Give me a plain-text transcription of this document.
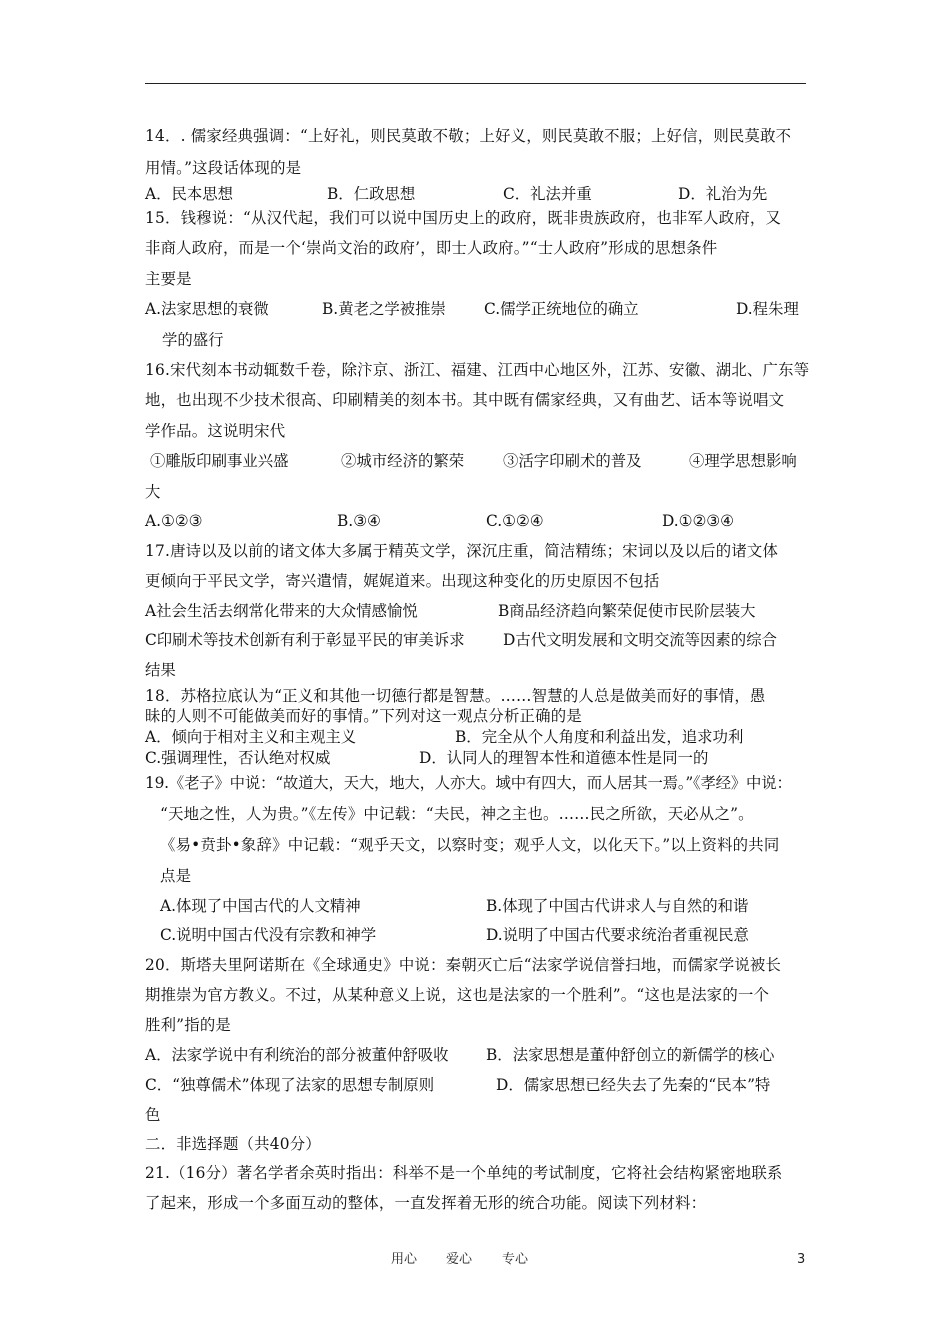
14．. 儒家经典强调：“上好礼，则民莫敢不敬；上好义，则民莫敢不服；上好信，则民莫敢不
用情。”这段话体现的是
A．民本思想	B．仁政思想	C．礼法并重	D．礼治为先
15．钱穆说：“从汉代起，我们可以说中国历史上的政府，既非贵族政府，也非军人政府，又
非商人政府，而是一个‘崇尚文治的政府’，即士人政府。”“士人政府”形成的思想条件
主要是
A.法家思想的衰微	B.黄老之学被推崇 C.儒学正统地位的确立	D.程朱理
学的盛行
16.宋代刻本书动辄数千卷，除汴京、浙江、福建、江西中心地区外，江苏、安徽、湖北、广东等
地，也出现不少技术很高、印刷精美的刻本书。其中既有儒家经典，又有曲艺、话本等说唱文
学作品。这说明宋代
①雕版印刷事业兴盛	②城市经济的繁荣	③活字印刷术的普及	④理学思想影响
大
A.①②③	B.③④	C.①②④	D.①②③④
17.唐诗以及以前的诸文体大多属于精英文学，深沉庄重，简洁精练；宋词以及以后的诸文体
更倾向于平民文学，寄兴遣情，娓娓道来。出现这种变化的历史原因不包括
A社会生活去纲常化带来的大众情感愉悦	B商品经济趋向繁荣促使市民阶层装大
C印刷术等技术创新有利于彰显平民的审美诉求 D古代文明发展和文明交流等因素的综合
结果
18．苏格拉底认为“正义和其他一切德行都是智慧。……智慧的人总是做美而好的事情，愚
昧的人则不可能做美而好的事情。”下列对这一观点分析正确的是
A．倾向于相对主义和主观主义	B．完全从个人角度和利益出发，追求功利
C.强调理性，否认绝对权威	D．认同人的理智本性和道德本性是同一的
19.《老子》中说：“故道大，天大，地大，人亦大。域中有四大，而人居其一焉。”《孝经》中说：
“天地之性，人为贵。”《左传》中记载：“夫民，神之主也。……民之所欲，天必从之”。
《易•贲卦•象辞》中记载：“观乎天文，以察时变；观乎人文，以化天下。”以上资料的共同
点是
A.体现了中国古代的人文精神	B.体现了中国古代讲求人与自然的和谐
C.说明中国古代没有宗教和神学	D.说明了中国古代要求统治者重视民意
20．斯塔夫里阿诺斯在《全球通史》中说：秦朝灭亡后“法家学说信誉扫地，而儒家学说被长
期推崇为官方教义。不过，从某种意义上说，这也是法家的一个胜利”。“这也是法家的一个
胜利”指的是
A．法家学说中有利统治的部分被董仲舒吸收 B．法家思想是董仲舒创立的新儒学的核心
C．“独尊儒术”体现了法家的思想专制原则	D．儒家思想已经失去了先秦的“民本”特
色
二．非选择题（共40分）
21.（16分）著名学者余英时指出：科举不是一个单纯的考试制度，它将社会结构紧密地联系
了起来，形成一个多面互动的整体，一直发挥着无形的统合功能。阅读下列材料：
用心 爱心 专心	3
